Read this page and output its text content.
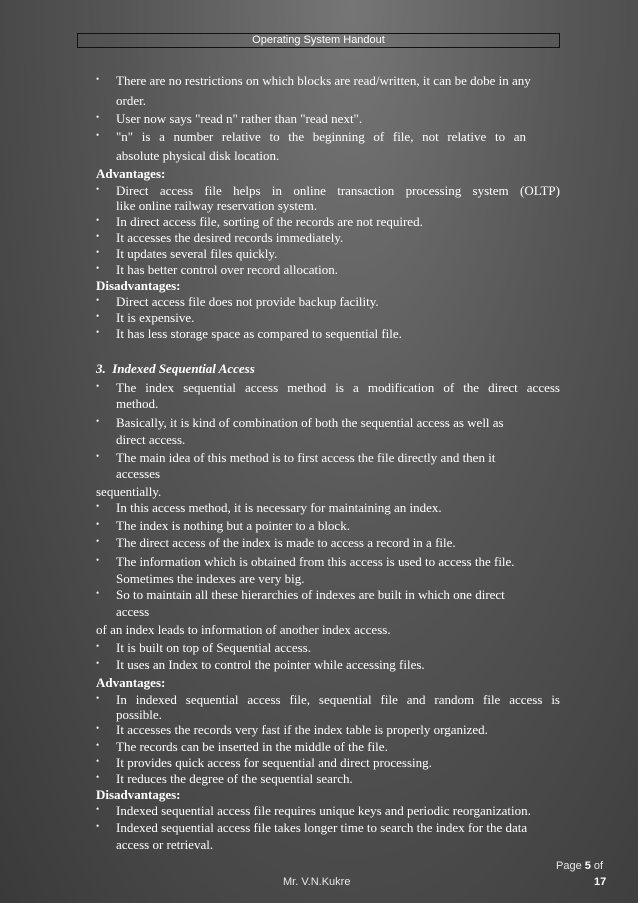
Operating System Handout
• There are no restrictions on which blocks are read/written, it can be dobe in any
order.
• User now says "read n" rather than "read next".
• "n" is a number relative to the beginning of file, not relative to an
absolute physical disk location.
Advantages:
• Direct access file helps in online transaction processing system (OLTP)
like online railway reservation system.
• In direct access file, sorting of the records are not required.
• It accesses the desired records immediately.
• It updates several files quickly.
• It has better control over record allocation.
Disadvantages:
• Direct access file does not provide backup facility.
• It is expensive.
• It has less storage space as compared to sequential file.
3.  Indexed Sequential Access
• The index sequential access method is a modification of the direct access
method.
• Basically, it is kind of combination of both the sequential access as well as
direct access.
• The main idea of this method is to first access the file directly and then it
accesses
sequentially.
• In this access method, it is necessary for maintaining an index.
• The index is nothing but a pointer to a block.
• The direct access of the index is made to access a record in a file.
• The information which is obtained from this access is used to access the file.
Sometimes the indexes are very big.
• So to maintain all these hierarchies of indexes are built in which one direct
access
of an index leads to information of another index access.
• It is built on top of Sequential access.
• It uses an Index to control the pointer while accessing files.
Advantages:
• In indexed sequential access file, sequential file and random file access is
possible.
• It accesses the records very fast if the index table is properly organized.
• The records can be inserted in the middle of the file.
• It provides quick access for sequential and direct processing.
• It reduces the degree of the sequential search.
Disadvantages:
• Indexed sequential access file requires unique keys and periodic reorganization.
• Indexed sequential access file takes longer time to search the index for the data
access or retrieval.
Page 5 of
17
Mr. V.N.Kukre
